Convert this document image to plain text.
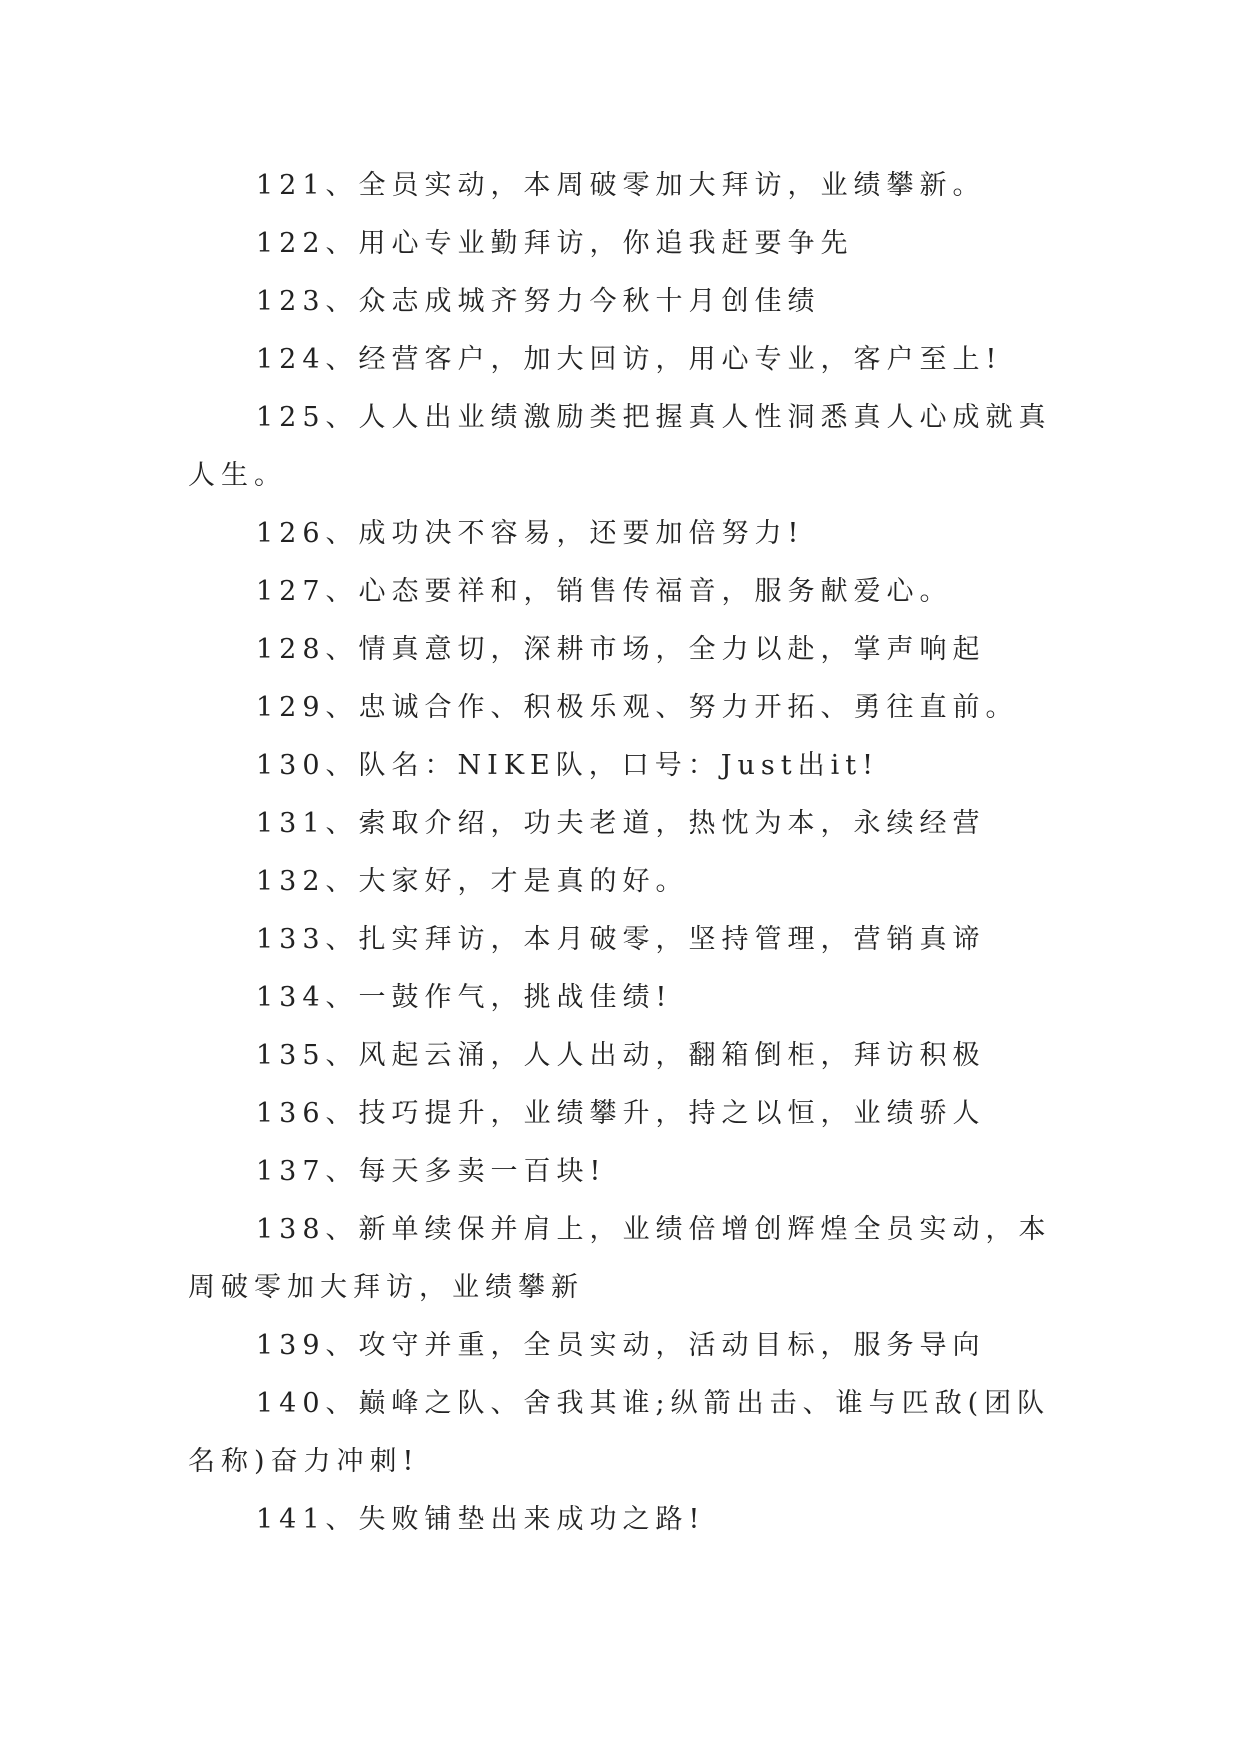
121、全员实动，本周破零加大拜访，业绩攀新。

122、用心专业勤拜访，你追我赶要争先

123、众志成城齐努力今秋十月创佳绩

124、经营客户，加大回访，用心专业，客户至上!

125、人人出业绩激励类把握真人性洞悉真人心成就真人生。

126、成功决不容易，还要加倍努力!

127、心态要祥和，销售传福音，服务献爱心。

128、情真意切，深耕市场，全力以赴，掌声响起

129、忠诚合作、积极乐观、努力开拓、勇往直前。

130、队名：NIKE队，口号：Just出it!

131、索取介绍，功夫老道，热忱为本，永续经营

132、大家好，才是真的好。

133、扎实拜访，本月破零，坚持管理，营销真谛

134、一鼓作气，挑战佳绩!

135、风起云涌，人人出动，翻箱倒柜，拜访积极

136、技巧提升，业绩攀升，持之以恒，业绩骄人

137、每天多卖一百块!

138、新单续保并肩上，业绩倍增创辉煌全员实动，本周破零加大拜访，业绩攀新

139、攻守并重，全员实动，活动目标，服务导向

140、巅峰之队、舍我其谁;纵箭出击、谁与匹敌(团队名称)奋力冲刺!

141、失败铺垫出来成功之路!
